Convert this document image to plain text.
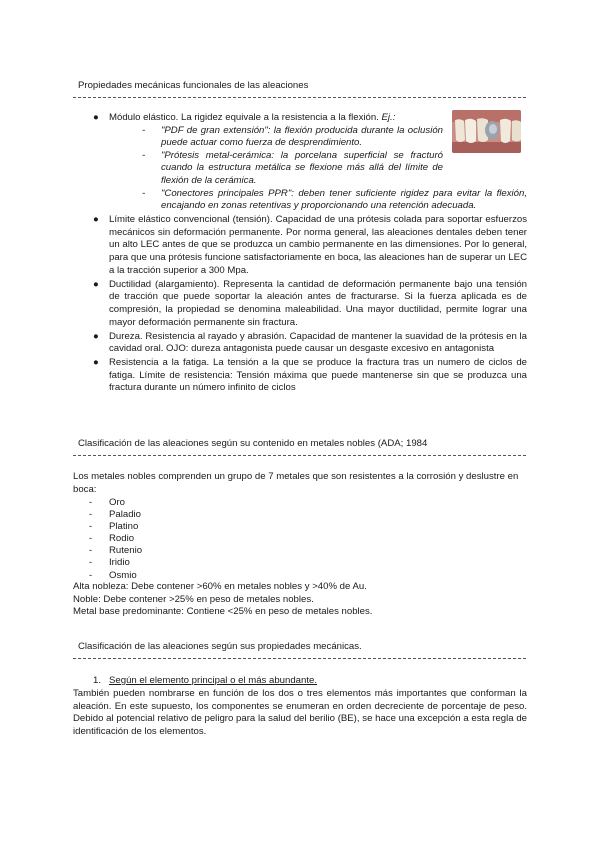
Propiedades mecánicas funcionales de las aleaciones
● Módulo elástico. La rigidez equivale a la resistencia a la flexión. Ej.:
- "PDF de gran extensión": la flexión producida durante la oclusión puede actuar como fuerza de desprendimiento.
- "Prótesis metal-cerámica: la porcelana superficial se fracturó cuando la estructura metálica se flexione más allá del límite de flexión de la cerámica.
- "Conectores principales PPR": deben tener suficiente rigidez para evitar la flexión, encajando en zonas retentivas y proporcionando una retención adecuada.
● Límite elástico convencional (tensión). Capacidad de una prótesis colada para soportar esfuerzos mecánicos sin deformación permanente. Por norma general, las aleaciones dentales deben tener un alto LEC antes de que se produzca un cambio permanente en las dimensiones. Por lo general, para que una prótesis funcione satisfactoriamente en boca, las aleaciones han de superar un LEC a la tracción superior a 300 Mpa.
● Ductilidad (alargamiento). Representa la cantidad de deformación permanente bajo una tensión de tracción que puede soportar la aleación antes de fracturarse. Si la fuerza aplicada es de compresión, la propiedad se denomina maleabilidad. Una mayor ductilidad, permite lograr una mayor deformación permanente sin fractura.
● Dureza. Resistencia al rayado y abrasión. Capacidad de mantener la suavidad de la prótesis en la cavidad oral. OJO: dureza antagonista puede causar un desgaste excesivo en antagonista
● Resistencia a la fatiga. La tensión a la que se produce la fractura tras un numero de ciclos de fatiga. Límite de resistencia: Tensión máxima que puede mantenerse sin que se produzca una fractura durante un número infinito de ciclos
Clasificación de las aleaciones según su contenido en metales nobles (ADA; 1984
Los metales nobles comprenden un grupo de 7 metales que son resistentes a la corrosión y deslustre en boca:
- Oro
- Paladio
- Platino
- Rodio
- Rutenio
- Iridio
- Osmio
Alta nobleza: Debe contener >60% en metales nobles y >40% de Au.
Noble: Debe contener >25% en peso de metales nobles.
Metal base predominante: Contiene <25% en peso de metales nobles.
Clasificación de las aleaciones según sus propiedades mecánicas.
1. Según el elemento principal o el más abundante.
También pueden nombrarse en función de los dos o tres elementos más importantes que conforman la aleación. En este supuesto, los componentes se enumeran en orden decreciente de porcentaje de peso. Debido al potencial relativo de peligro para la salud del berilio (BE), se hace una excepción a esta regla de identificación de los elementos.
